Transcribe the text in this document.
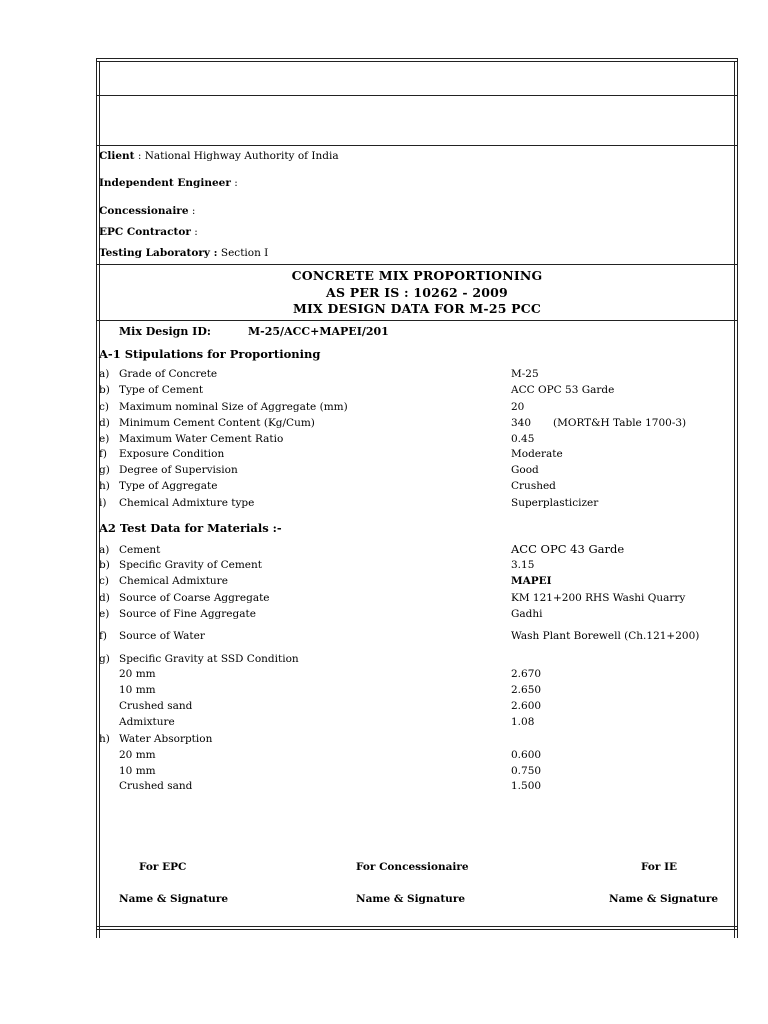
Client : National Highway Authority of India
Independent Engineer :
Concessionaire :
EPC Contractor :
Testing Laboratory : Section I
CONCRETE MIX PROPORTIONING
AS PER IS : 10262 - 2009
MIX DESIGN DATA FOR M-25 PCC
Mix Design ID:	M-25/ACC+MAPEI/201
A-1 Stipulations for Proportioning
a) Grade of Concrete	M-25
b) Type of Cement	ACC OPC 53 Garde
c) Maximum nominal Size of Aggregate (mm)	20
d) Minimum Cement Content (Kg/Cum)	340 (MORT&H Table 1700-3)
e) Maximum Water Cement Ratio	0.45
f) Exposure Condition	Moderate
g) Degree of Supervision	Good
h) Type of Aggregate	Crushed
i) Chemical Admixture type	Superplasticizer
A2 Test Data for Materials :-
a) Cement	ACC OPC 43 Garde
b) Specific Gravity of Cement	3.15
c) Chemical Admixture	MAPEI
d) Source of Coarse Aggregate	KM 121+200 RHS Washi Quarry
e) Source of Fine Aggregate	Gadhi
f) Source of Water	Wash Plant Borewell (Ch.121+200)
g) Specific Gravity at SSD Condition
20 mm	2.670
10 mm	2.650
Crushed sand	2.600
Admixture	1.08
h) Water Absorption
20 mm	0.600
10 mm	0.750
Crushed sand	1.500
For EPC	For Concessionaire	For IE
Name & Signature	Name & Signature	Name & Signature
